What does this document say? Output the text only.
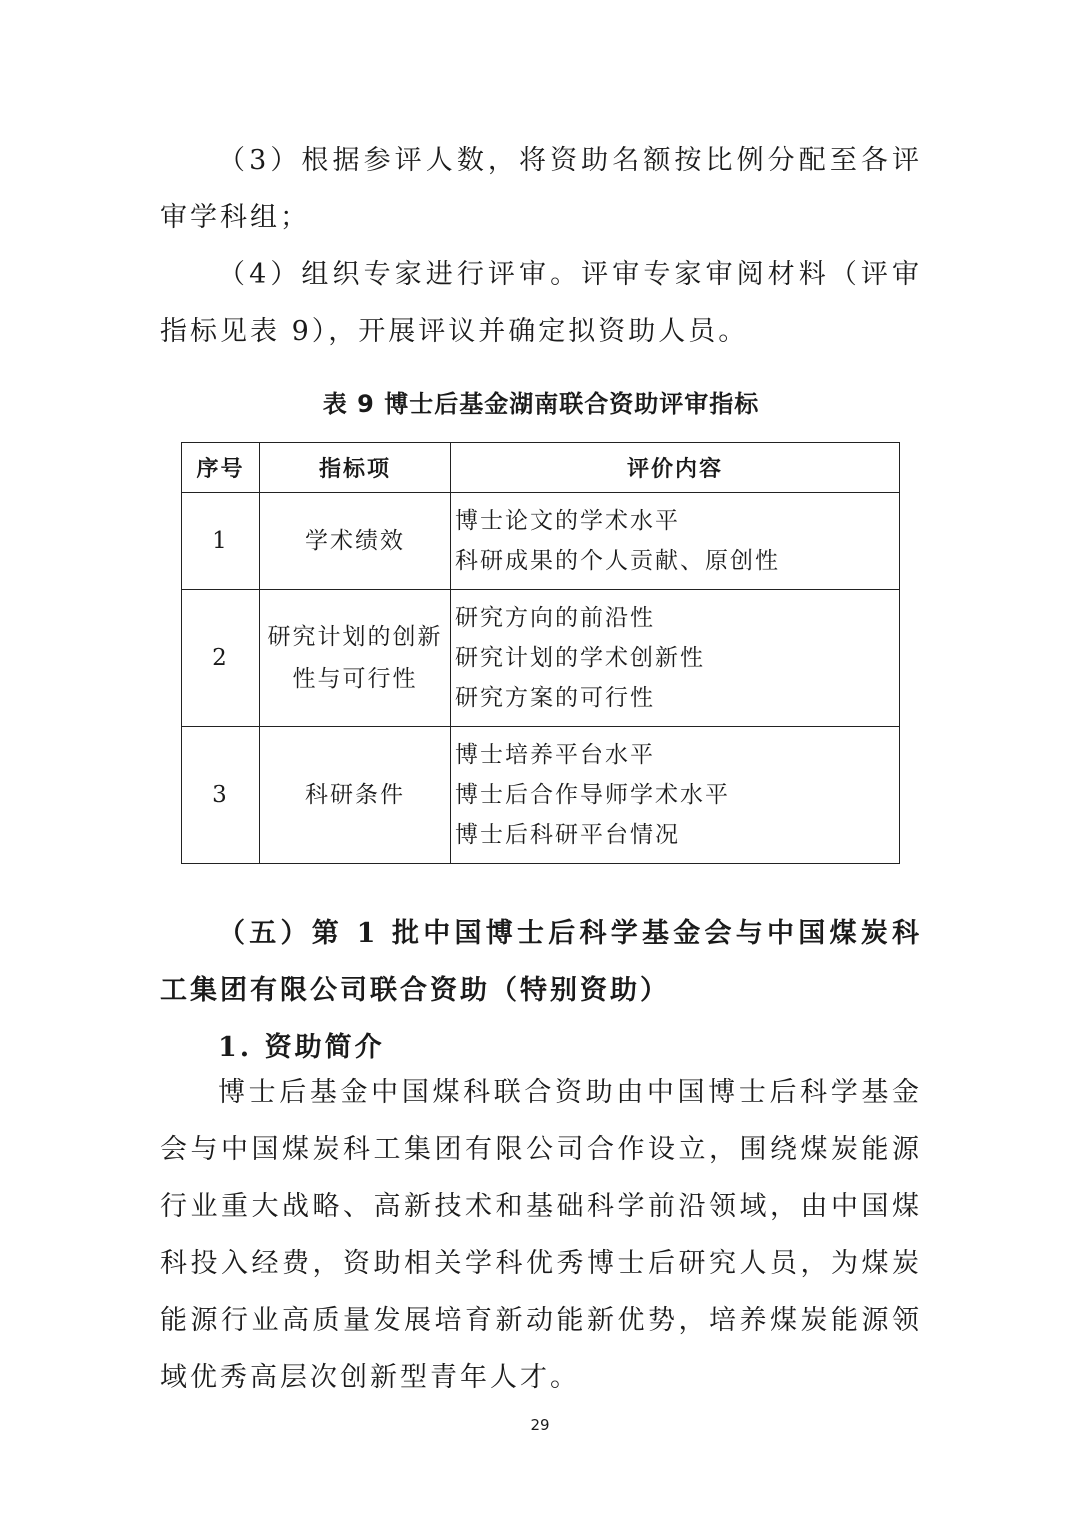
（3）根据参评人数，将资助名额按比例分配至各评审学科组；

（4）组织专家进行评审。评审专家审阅材料（评审指标见表 9），开展评议并确定拟资助人员。

表 9 博士后基金湖南联合资助评审指标
序号	指标项	评价内容
1	学术绩效	博士论文的学术水平
科研成果的个人贡献、原创性

2	研究计划的创新性与可行性	研究方向的前沿性
研究计划的学术创新性
研究方案的可行性

3	科研条件	博士培养平台水平
博士后合作导师学术水平
博士后科研平台情况

（五）第 1 批中国博士后科学基金会与中国煤炭科工集团有限公司联合资助（特别资助）

1. 资助简介

博士后基金中国煤科联合资助由中国博士后科学基金会与中国煤炭科工集团有限公司合作设立，围绕煤炭能源行业重大战略、高新技术和基础科学前沿领域，由中国煤科投入经费，资助相关学科优秀博士后研究人员，为煤炭能源行业高质量发展培育新动能新优势，培养煤炭能源领域优秀高层次创新型青年人才。

29
